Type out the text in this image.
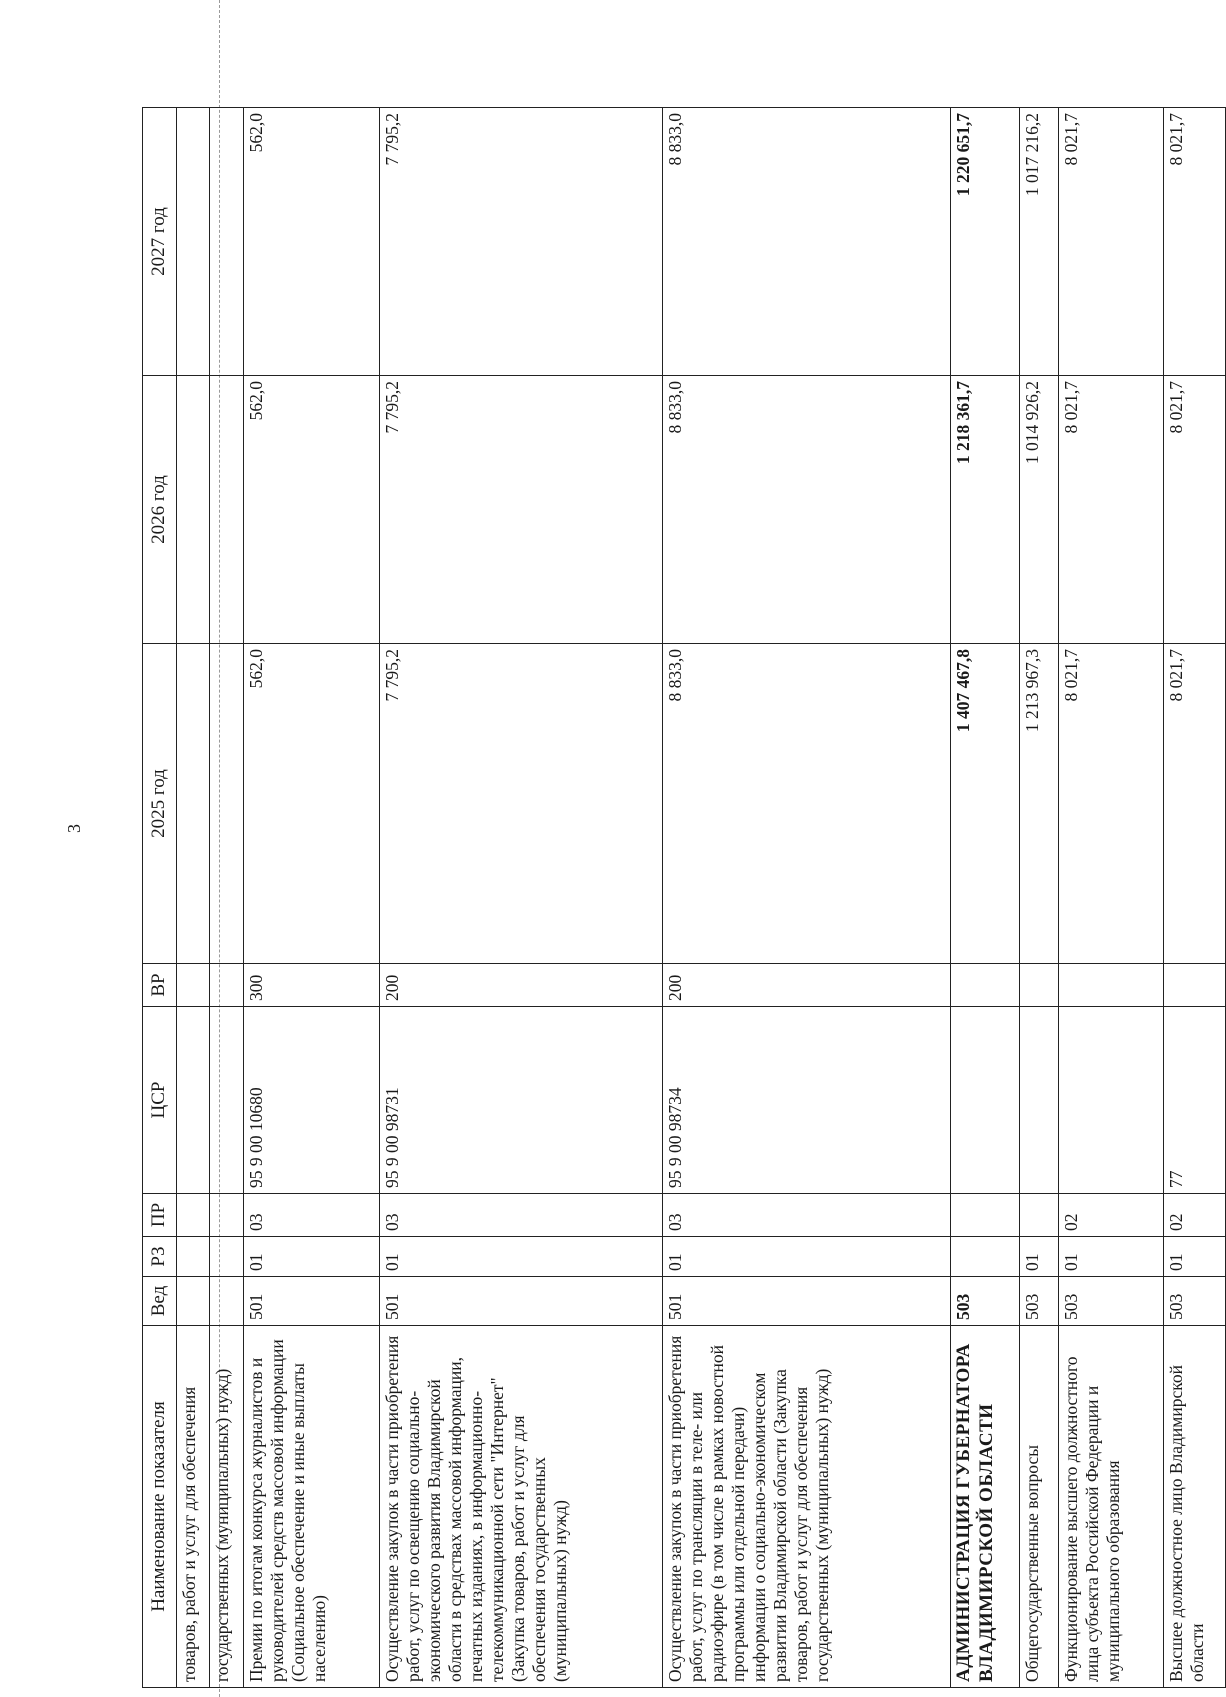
3
Наименование показателя	Вед	РЗ	ПР	ЦСР	ВР	2025 год	2026 год	2027 год
товаров, работ и услуг для обеспечения								
государственных (муниципальных) нужд)								
Премии по итогам конкурса журналистов и руководителей средств массовой информации (Социальное обеспечение и иные выплаты населению)	501	01	03	95 9 00 10680	300	562,0	562,0	562,0
Осуществление закупок в части приобретения работ, услуг по освещению социально-экономического развития Владимирской области в средствах массовой информации, печатных изданиях, в информационно-телекоммуникационной сети "Интернет" (Закупка товаров, работ и услуг для обеспечения государственных (муниципальных) нужд)	501	01	03	95 9 00 98731	200	7 795,2	7 795,2	7 795,2
Осуществление закупок в части приобретения работ, услуг по трансляции в теле- или радиоэфире (в том числе в рамках новостной программы или отдельной передачи) информации о социально-экономическом развитии Владимирской области (Закупка товаров, работ и услуг для обеспечения государственных (муниципальных) нужд)	501	01	03	95 9 00 98734	200	8 833,0	8 833,0	8 833,0
АДМИНИСТРАЦИЯ ГУБЕРНАТОРА ВЛАДИМИРСКОЙ ОБЛАСТИ	503					1 407 467,8	1 218 361,7	1 220 651,7
Общегосударственные вопросы	503	01				1 213 967,3	1 014 926,2	1 017 216,2
Функционирование высшего должностного лица субъекта Российской Федерации и муниципального образования	503	01	02			8 021,7	8 021,7	8 021,7
Высшее должностное лицо Владимирской области	503	01	02	77		8 021,7	8 021,7	8 021,7
